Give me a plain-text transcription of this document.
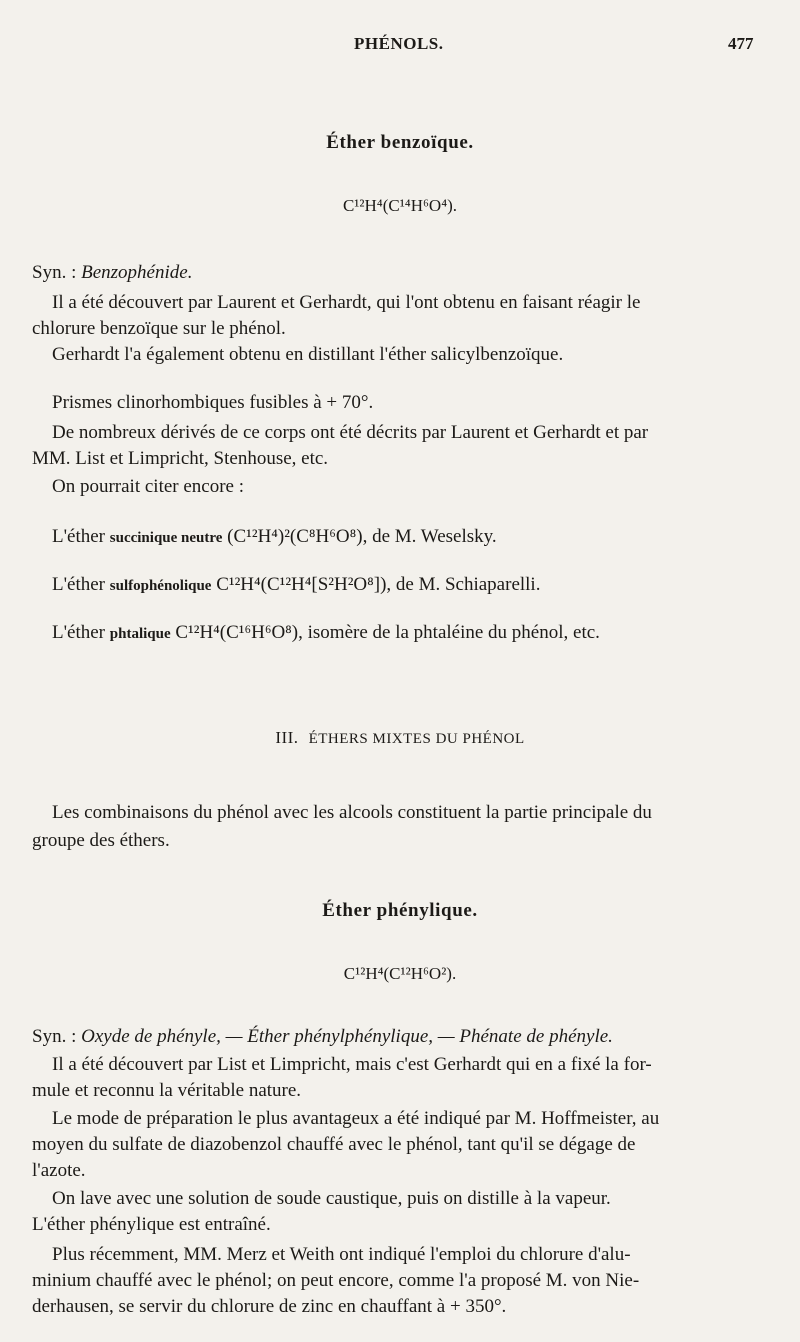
PHÉNOLS.	477
Éther benzoïque.
C¹²H⁴(C¹⁴H⁶O⁴).
Syn. : Benzophénide.
Il a été découvert par Laurent et Gerhardt, qui l'ont obtenu en faisant réagir le
chlorure benzoïque sur le phénol.
Gerhardt l'a également obtenu en distillant l'éther salicylbenzoïque.
Prismes clinorhombiques fusibles à + 70°.
De nombreux dérivés de ce corps ont été décrits par Laurent et Gerhardt et par
MM. List et Limpricht, Stenhouse, etc.
On pourrait citer encore :
L'éther succinique neutre (C¹²H⁴)²(C⁸H⁶O⁸), de M. Weselsky.
L'éther sulfophénolique C¹²H⁴(C¹²H⁴[S²H²O⁸]), de M. Schiaparelli.
L'éther phtalique C¹²H⁴(C¹⁶H⁶O⁸), isomère de la phtaléine du phénol, etc.
III. ÉTHERS MIXTES DU PHÉNOL
Les combinaisons du phénol avec les alcools constituent la partie principale du
groupe des éthers.
Éther phénylique.
C¹²H⁴(C¹²H⁶O²).
Syn. : Oxyde de phényle, — Éther phénylphénylique, — Phénate de phényle.
Il a été découvert par List et Limpricht, mais c'est Gerhardt qui en a fixé la for-
mule et reconnu la véritable nature.
Le mode de préparation le plus avantageux a été indiqué par M. Hoffmeister, au
moyen du sulfate de diazobenzol chauffé avec le phénol, tant qu'il se dégage de
l'azote.
On lave avec une solution de soude caustique, puis on distille à la vapeur.
L'éther phénylique est entraîné.
Plus récemment, MM. Merz et Weith ont indiqué l'emploi du chlorure d'alu-
minium chauffé avec le phénol; on peut encore, comme l'a proposé M. von Nie-
derhausen, se servir du chlorure de zinc en chauffant à + 350°.
